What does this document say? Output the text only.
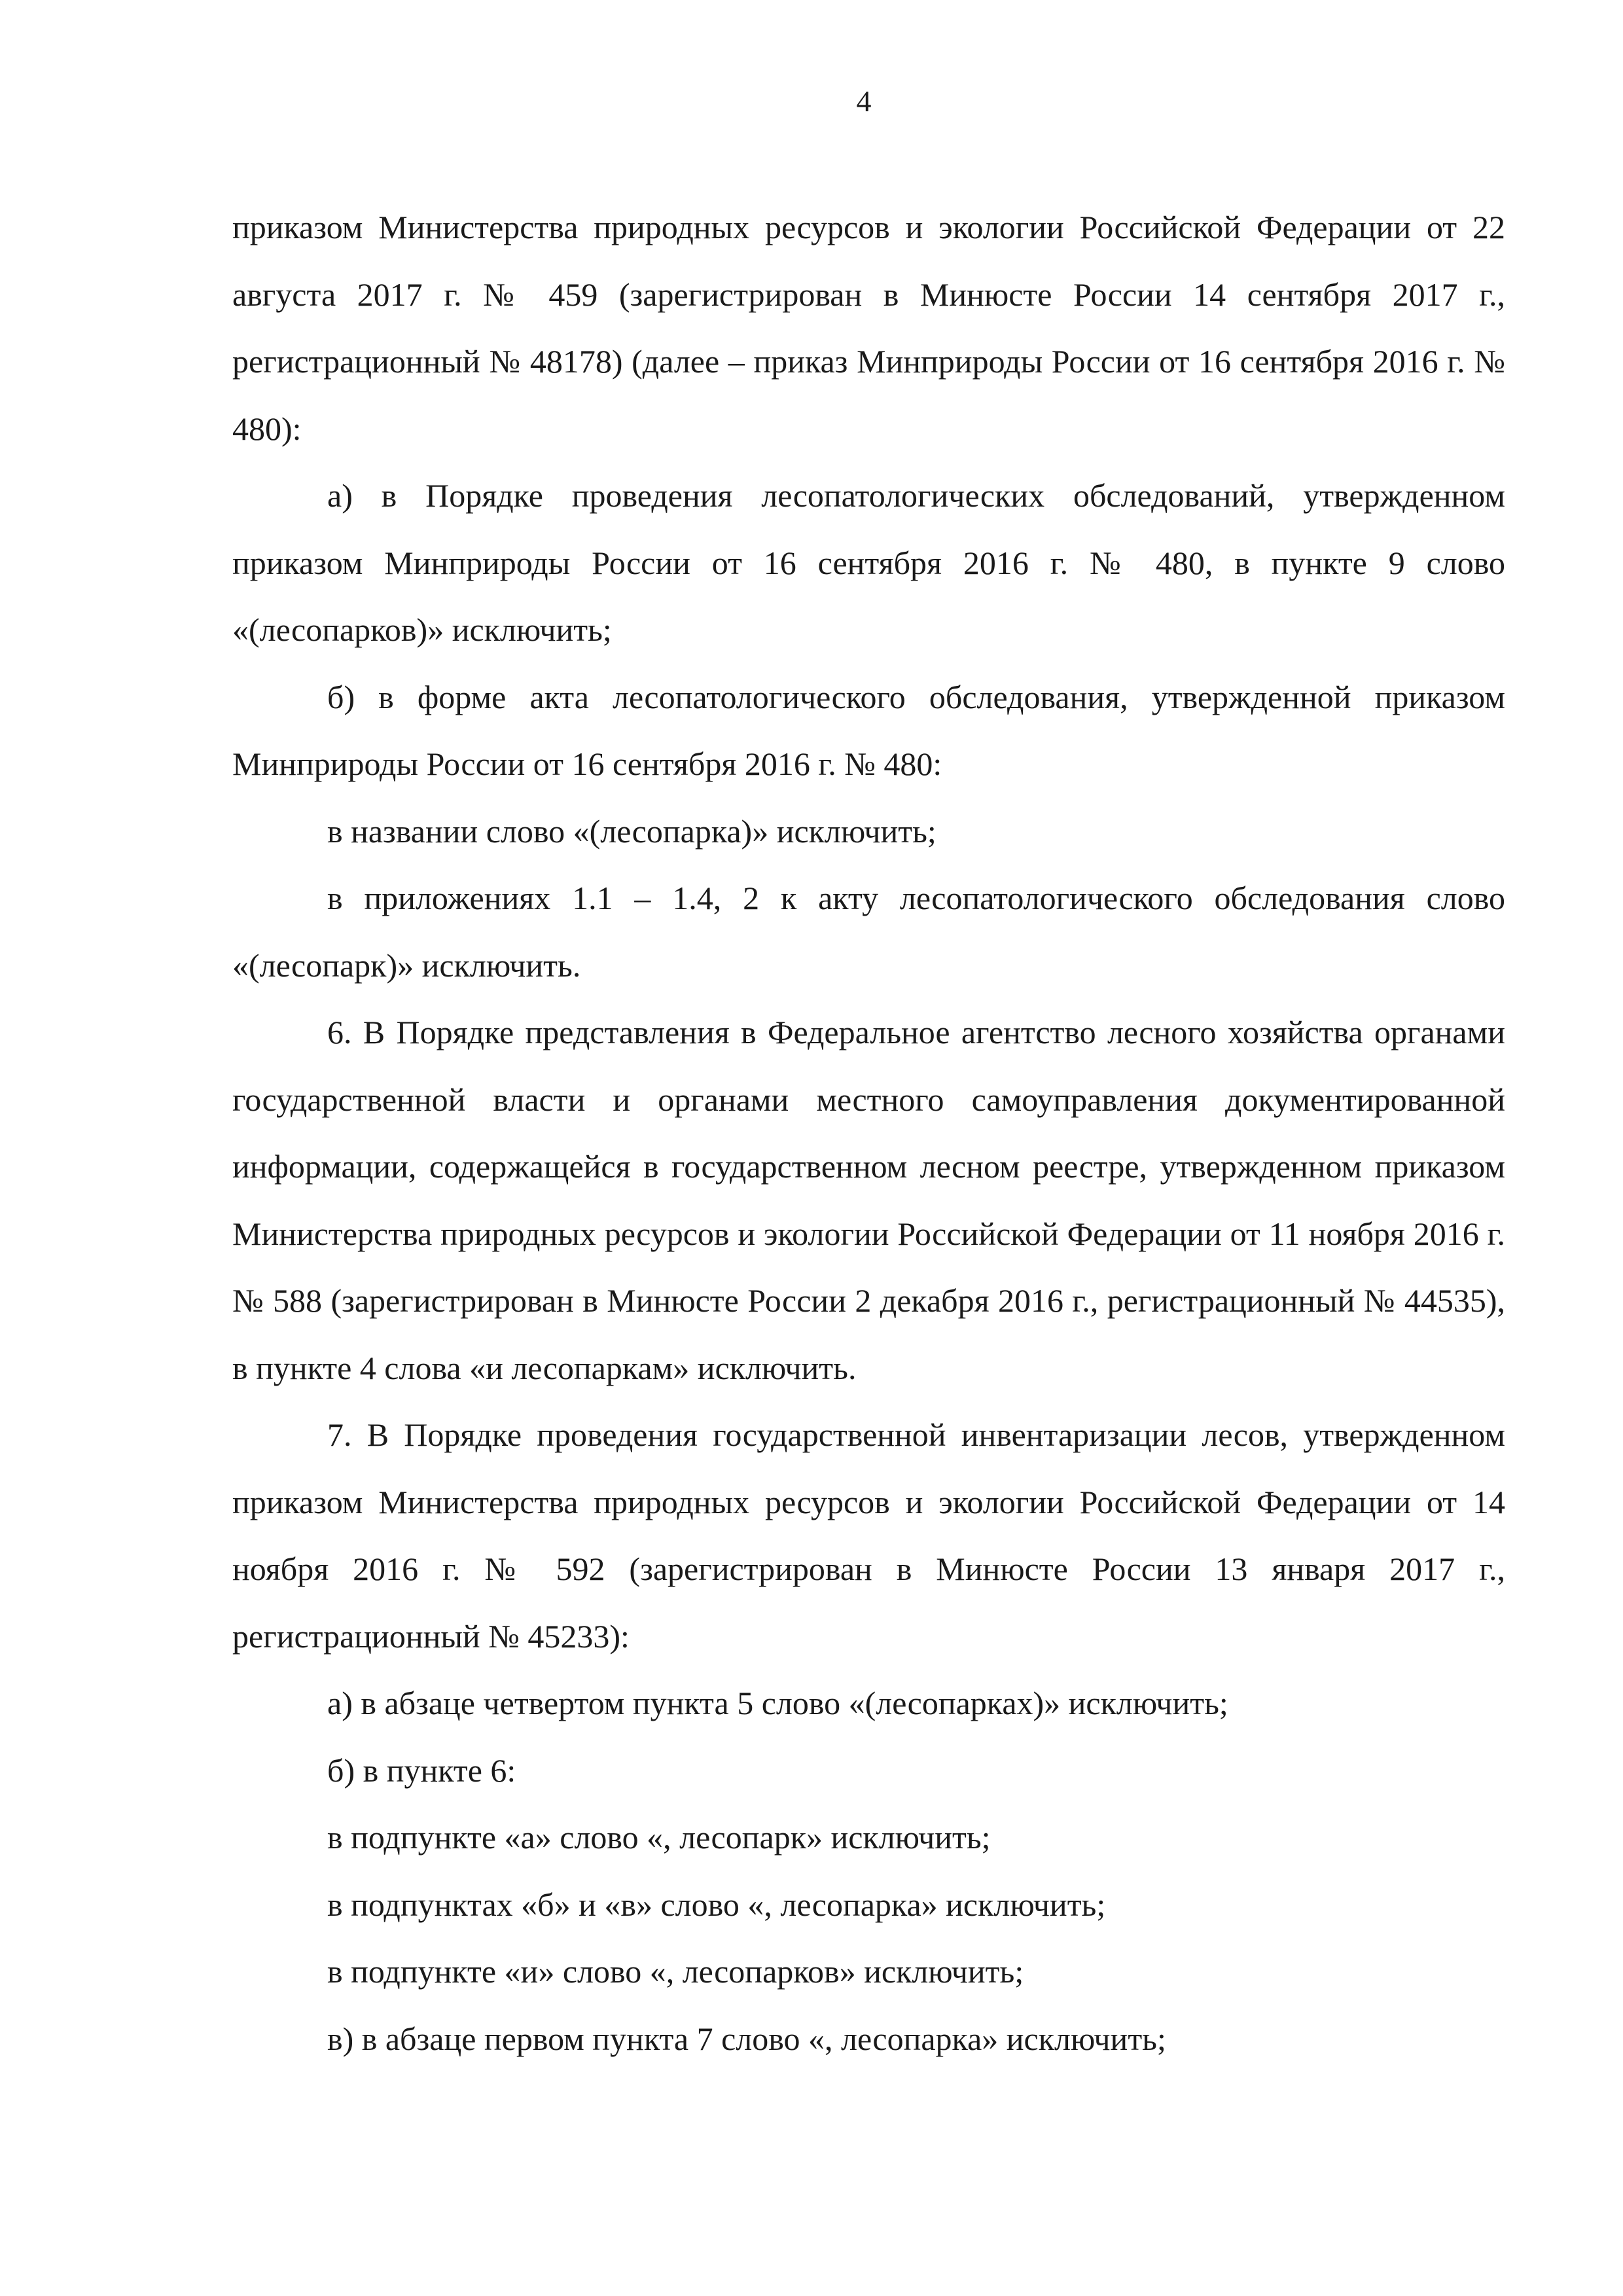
4

приказом Министерства природных ресурсов и экологии Российской Федерации от 22 августа 2017 г. № 459 (зарегистрирован в Минюсте России 14 сентября 2017 г., регистрационный № 48178) (далее – приказ Минприроды России от 16 сентября 2016 г. № 480):

а) в Порядке проведения лесопатологических обследований, утвержденном приказом Минприроды России от 16 сентября 2016 г. № 480, в пункте 9 слово «(лесопарков)» исключить;

б) в форме акта лесопатологического обследования, утвержденной приказом Минприроды России от 16 сентября 2016 г. № 480:

в названии слово «(лесопарка)» исключить;

в приложениях 1.1 – 1.4, 2 к акту лесопатологического обследования слово «(лесопарк)» исключить.

6. В Порядке представления в Федеральное агентство лесного хозяйства органами государственной власти и органами местного самоуправления документированной информации, содержащейся в государственном лесном реестре, утвержденном приказом Министерства природных ресурсов и экологии Российской Федерации от 11 ноября 2016 г. № 588 (зарегистрирован в Минюсте России 2 декабря 2016 г., регистрационный № 44535), в пункте 4 слова «и лесопаркам» исключить.

7. В Порядке проведения государственной инвентаризации лесов, утвержденном приказом Министерства природных ресурсов и экологии Российской Федерации от 14 ноября 2016 г. № 592 (зарегистрирован в Минюсте России 13 января 2017 г., регистрационный № 45233):

а) в абзаце четвертом пункта 5 слово «(лесопарках)» исключить;

б) в пункте 6:

в подпункте «а» слово «, лесопарк» исключить;

в подпунктах «б» и «в» слово «, лесопарка» исключить;

в подпункте «и» слово «, лесопарков» исключить;

в) в абзаце первом пункта 7 слово «, лесопарка» исключить;
